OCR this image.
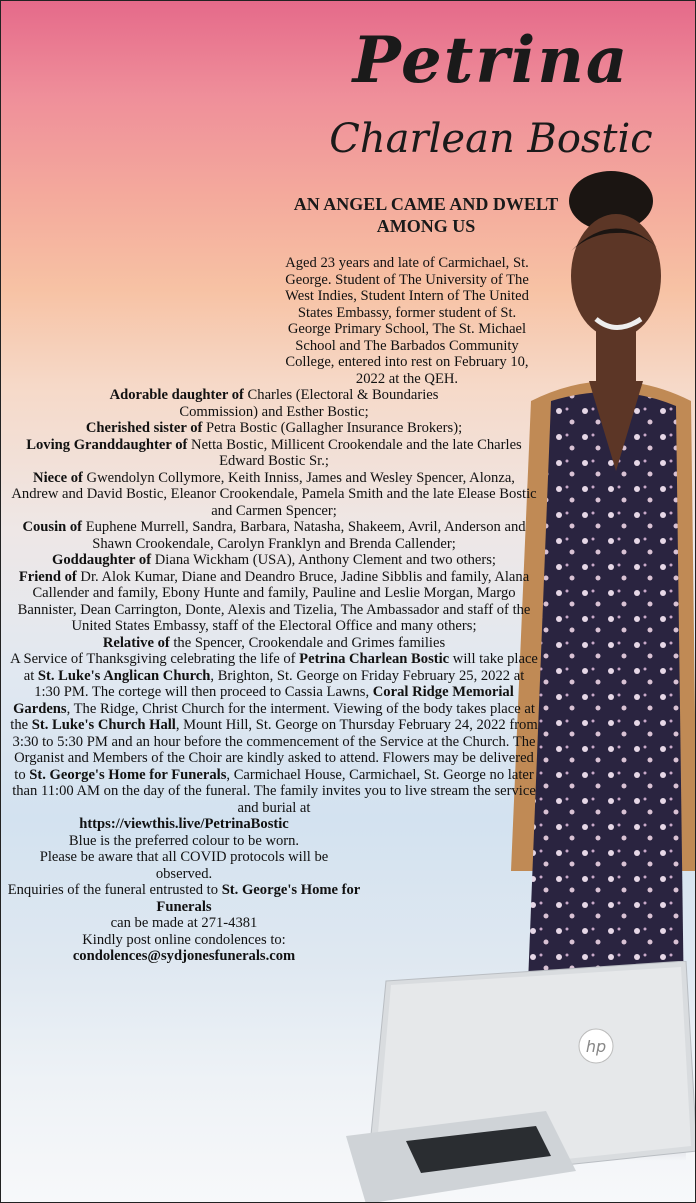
hp
Petrina
Charlean Bostic
AN ANGEL CAME AND DWELT AMONG US

Aged 23 years and late of Carmichael, St. George. Student of The University of The West Indies, Student Intern of The United States Embassy, former student of St. George Primary School, The St. Michael School and The Barbados Community College, entered into rest on February 10, 2022 at the QEH.

Adorable daughter of Charles (Electoral & Boundaries Commission) and Esther Bostic;

Cherished sister of Petra Bostic (Gallagher Insurance Brokers);

Loving Granddaughter of Netta Bostic, Millicent Crookendale and the late Charles Edward Bostic Sr.;

Niece of Gwendolyn Collymore, Keith Inniss, James and Wesley Spencer, Alonza, Andrew and David Bostic, Eleanor Crookendale, Pamela Smith and the late Elease Bostic and Carmen Spencer;

Cousin of Euphene Murrell, Sandra, Barbara, Natasha, Shakeem, Avril, Anderson and Shawn Crookendale, Carolyn Franklyn and Brenda Callender;

Goddaughter of Diana Wickham (USA), Anthony Clement and two others;

Friend of Dr. Alok Kumar, Diane and Deandro Bruce, Jadine Sibblis and family, Alana Callender and family, Ebony Hunte and family, Pauline and Leslie Morgan, Margo Bannister, Dean Carrington, Donte, Alexis and Tizelia, The Ambassador and staff of the United States Embassy, staff of the Electoral Office and many others;

Relative of the Spencer, Crookendale and Grimes families

A Service of Thanksgiving celebrating the life of Petrina Charlean Bostic will take place at St. Luke's Anglican Church, Brighton, St. George on Friday February 25, 2022 at 1:30 PM. The cortege will then proceed to Cassia Lawns, Coral Ridge Memorial Gardens, The Ridge, Christ Church for the interment. Viewing of the body takes place at the St. Luke's Church Hall, Mount Hill, St. George on Thursday February 24, 2022 from 3:30 to 5:30 PM and an hour before the commencement of the Service at the Church. The Organist and Members of the Choir are kindly asked to attend. Flowers may be delivered to St. George's Home for Funerals, Carmichael House, Carmichael, St. George no later than 11:00 AM on the day of the funeral. The family invites you to live stream the service and burial at

https://viewthis.live/PetrinaBostic

Blue is the preferred colour to be worn.

Please be aware that all COVID protocols will be observed.

Enquiries of the funeral entrusted to St. George's Home for Funerals

can be made at 271-4381

Kindly post online condolences to:

condolences@sydjonesfunerals.com
